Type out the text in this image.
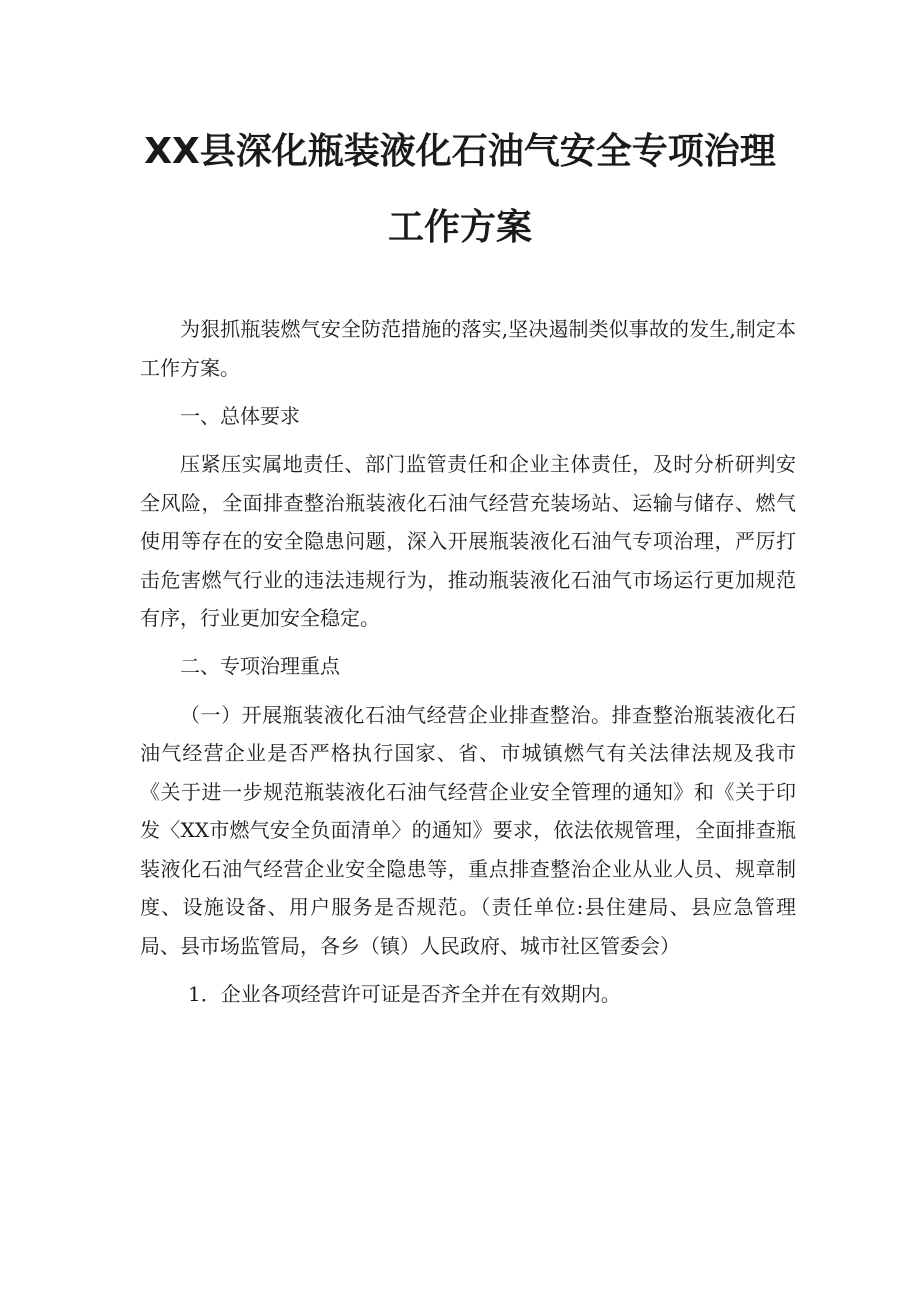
XX县深化瓶装液化石油气安全专项治理
工作方案

为狠抓瓶装燃气安全防范措施的落实,坚决遏制类似事故的发生,制定本工作方案。

一、总体要求

压紧压实属地责任、部门监管责任和企业主体责任，及时分析研判安全风险，全面排查整治瓶装液化石油气经营充装场站、运输与储存、燃气使用等存在的安全隐患问题，深入开展瓶装液化石油气专项治理，严厉打击危害燃气行业的违法违规行为，推动瓶装液化石油气市场运行更加规范有序，行业更加安全稳定。

二、专项治理重点

（一）开展瓶装液化石油气经营企业排查整治。排查整治瓶装液化石油气经营企业是否严格执行国家、省、市城镇燃气有关法律法规及我市《关于进一步规范瓶装液化石油气经营企业安全管理的通知》和《关于印发〈XX市燃气安全负面清单〉的通知》要求，依法依规管理，全面排查瓶装液化石油气经营企业安全隐患等，重点排查整治企业从业人员、规章制度、设施设备、用户服务是否规范。（责任单位:县住建局、县应急管理局、县市场监管局，各乡（镇）人民政府、城市社区管委会）

1．企业各项经营许可证是否齐全并在有效期内。
